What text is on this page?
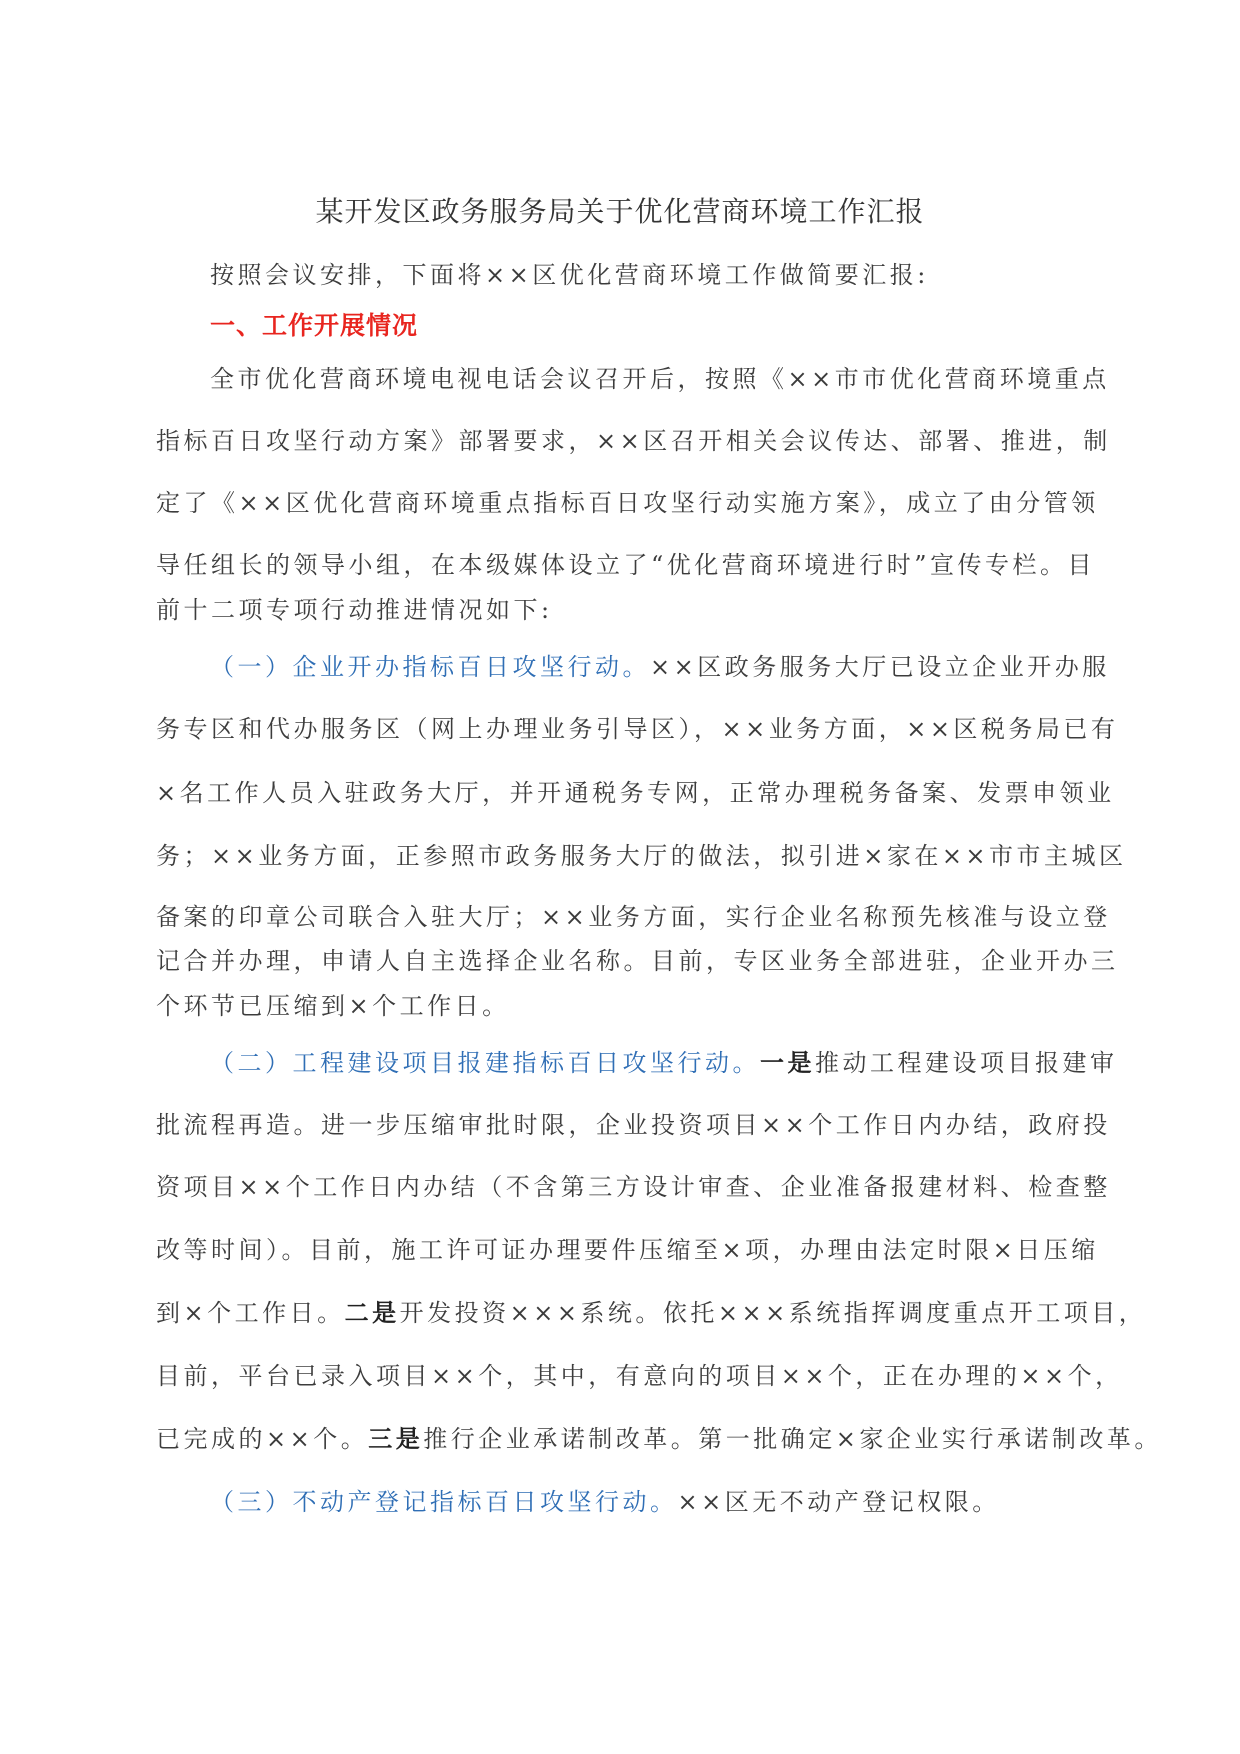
某开发区政务服务局关于优化营商环境工作汇报
按照会议安排，下面将××区优化营商环境工作做简要汇报:
一、工作开展情况
全市优化营商环境电视电话会议召开后，按照《××市市优化营商环境重点
指标百日攻坚行动方案》部署要求，××区召开相关会议传达、部署、推进，制
定了《××区优化营商环境重点指标百日攻坚行动实施方案》，成立了由分管领
导任组长的领导小组，在本级媒体设立了“优化营商环境进行时”宣传专栏。目
前十二项专项行动推进情况如下:
（一）企业开办指标百日攻坚行动。××区政务服务大厅已设立企业开办服
务专区和代办服务区（网上办理业务引导区），××业务方面，××区税务局已有
×名工作人员入驻政务大厅，并开通税务专网，正常办理税务备案、发票申领业
务；××业务方面，正参照市政务服务大厅的做法，拟引进×家在××市市主城区
备案的印章公司联合入驻大厅；××业务方面，实行企业名称预先核准与设立登
记合并办理，申请人自主选择企业名称。目前，专区业务全部进驻，企业开办三
个环节已压缩到×个工作日。
（二）工程建设项目报建指标百日攻坚行动。一是推动工程建设项目报建审
批流程再造。进一步压缩审批时限，企业投资项目××个工作日内办结，政府投
资项目××个工作日内办结（不含第三方设计审查、企业准备报建材料、检查整
改等时间）。目前，施工许可证办理要件压缩至×项，办理由法定时限×日压缩
到×个工作日。二是开发投资×××系统。依托×××系统指挥调度重点开工项目，
目前，平台已录入项目××个，其中，有意向的项目××个，正在办理的××个，
已完成的××个。三是推行企业承诺制改革。第一批确定×家企业实行承诺制改革。
（三）不动产登记指标百日攻坚行动。××区无不动产登记权限。
